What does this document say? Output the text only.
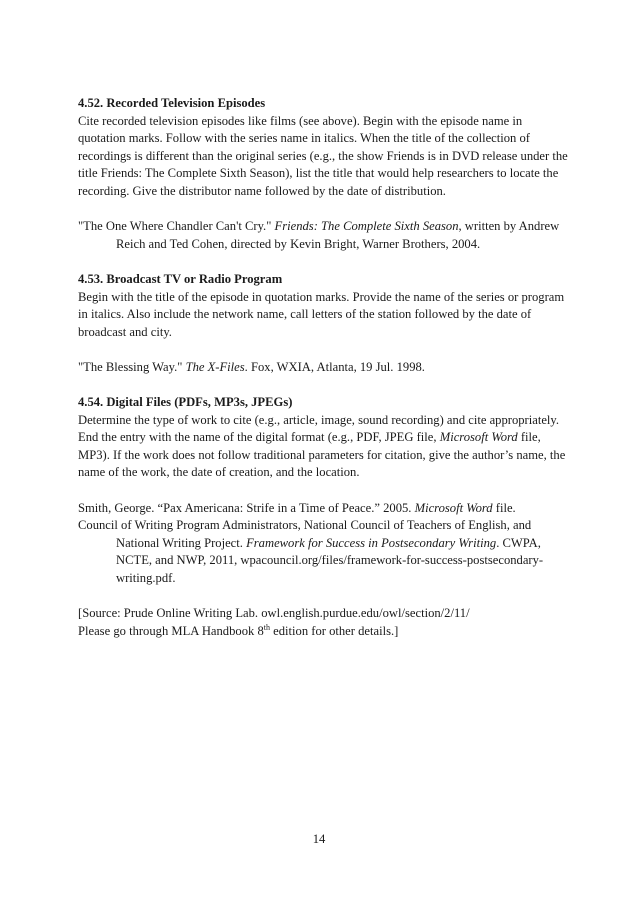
4.52. Recorded Television Episodes

Cite recorded television episodes like films (see above). Begin with the episode name in quotation marks. Follow with the series name in italics. When the title of the collection of recordings is different than the original series (e.g., the show Friends is in DVD release under the title Friends: The Complete Sixth Season), list the title that would help researchers to locate the recording. Give the distributor name followed by the date of distribution.

"The One Where Chandler Can't Cry." Friends: The Complete Sixth Season, written by Andrew Reich and Ted Cohen, directed by Kevin Bright, Warner Brothers, 2004.

4.53. Broadcast TV or Radio Program

Begin with the title of the episode in quotation marks. Provide the name of the series or program in italics. Also include the network name, call letters of the station followed by the date of broadcast and city.

"The Blessing Way." The X-Files. Fox, WXIA, Atlanta, 19 Jul. 1998.

4.54. Digital Files (PDFs, MP3s, JPEGs)

Determine the type of work to cite (e.g., article, image, sound recording) and cite appropriately. End the entry with the name of the digital format (e.g., PDF, JPEG file, Microsoft Word file, MP3). If the work does not follow traditional parameters for citation, give the author’s name, the name of the work, the date of creation, and the location.

Smith, George. “Pax Americana: Strife in a Time of Peace.” 2005. Microsoft Word file.

Council of Writing Program Administrators, National Council of Teachers of English, and National Writing Project. Framework for Success in Postsecondary Writing. CWPA, NCTE, and NWP, 2011, wpacouncil.org/files/framework-for-success-postsecondary-writing.pdf.

[Source: Prude Online Writing Lab. owl.english.purdue.edu/owl/section/2/11/

Please go through MLA Handbook 8th edition for other details.]

14
